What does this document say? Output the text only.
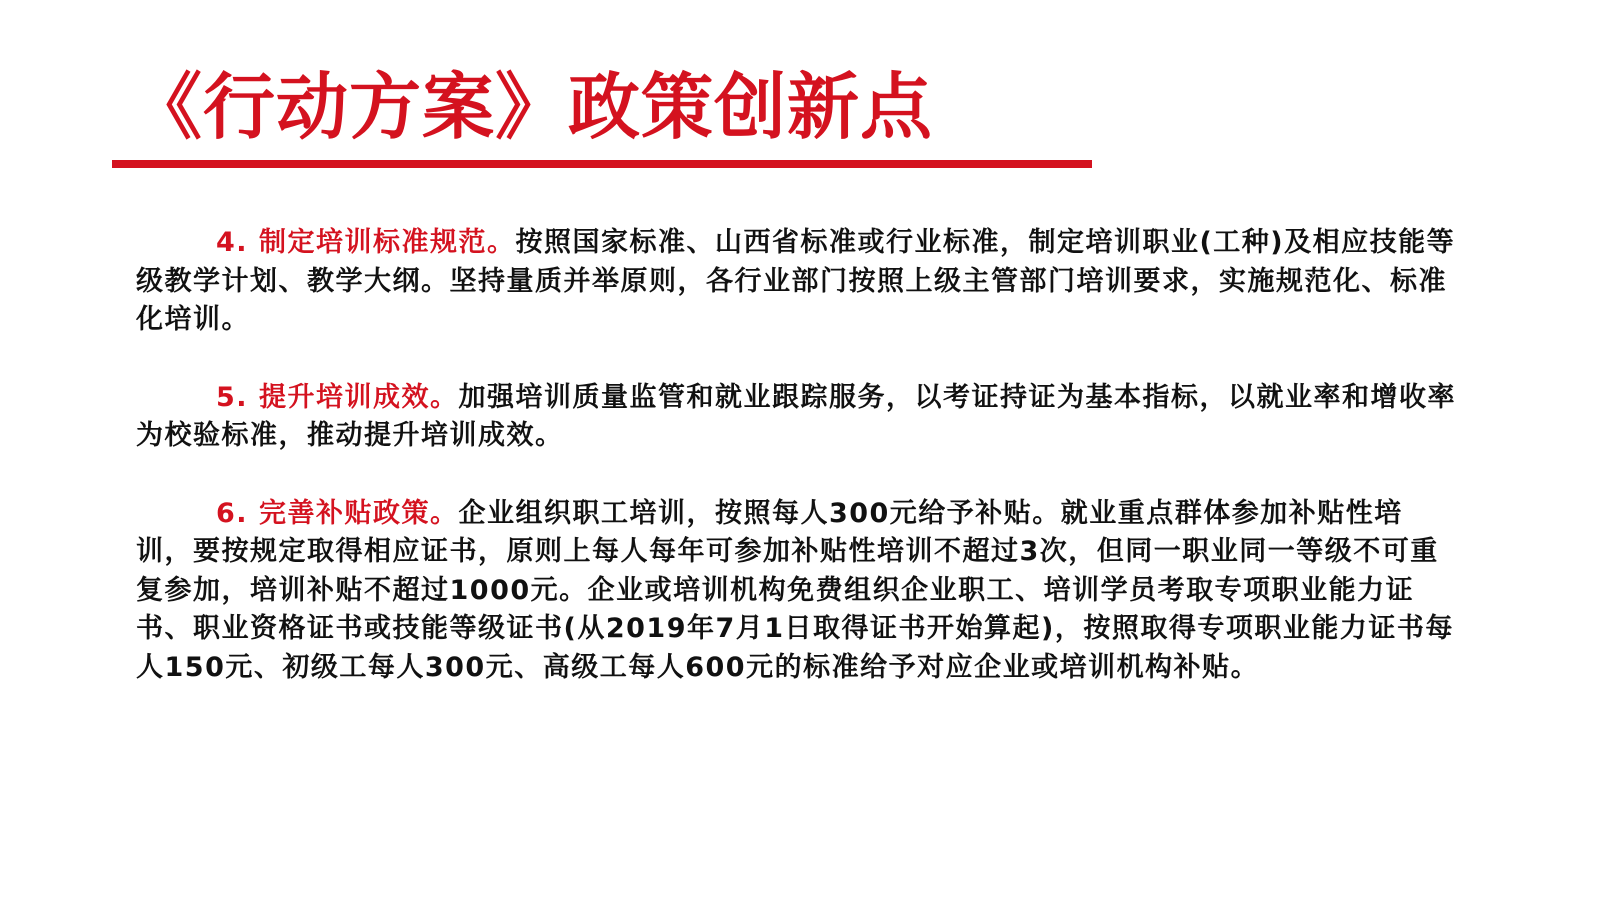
《行动方案》政策创新点

4. 制定培训标准规范。按照国家标准、山西省标准或行业标准，制定培训职业(工种)及相应技能等级教学计划、教学大纲。坚持量质并举原则，各行业部门按照上级主管部门培训要求，实施规范化、标准化培训。

5. 提升培训成效。加强培训质量监管和就业跟踪服务，以考证持证为基本指标，以就业率和增收率为校验标准，推动提升培训成效。

6. 完善补贴政策。企业组织职工培训，按照每人300元给予补贴。就业重点群体参加补贴性培训，要按规定取得相应证书，原则上每人每年可参加补贴性培训不超过3次，但同一职业同一等级不可重复参加，培训补贴不超过1000元。企业或培训机构免费组织企业职工、培训学员考取专项职业能力证书、职业资格证书或技能等级证书(从2019年7月1日取得证书开始算起)，按照取得专项职业能力证书每人150元、初级工每人300元、高级工每人600元的标准给予对应企业或培训机构补贴。
